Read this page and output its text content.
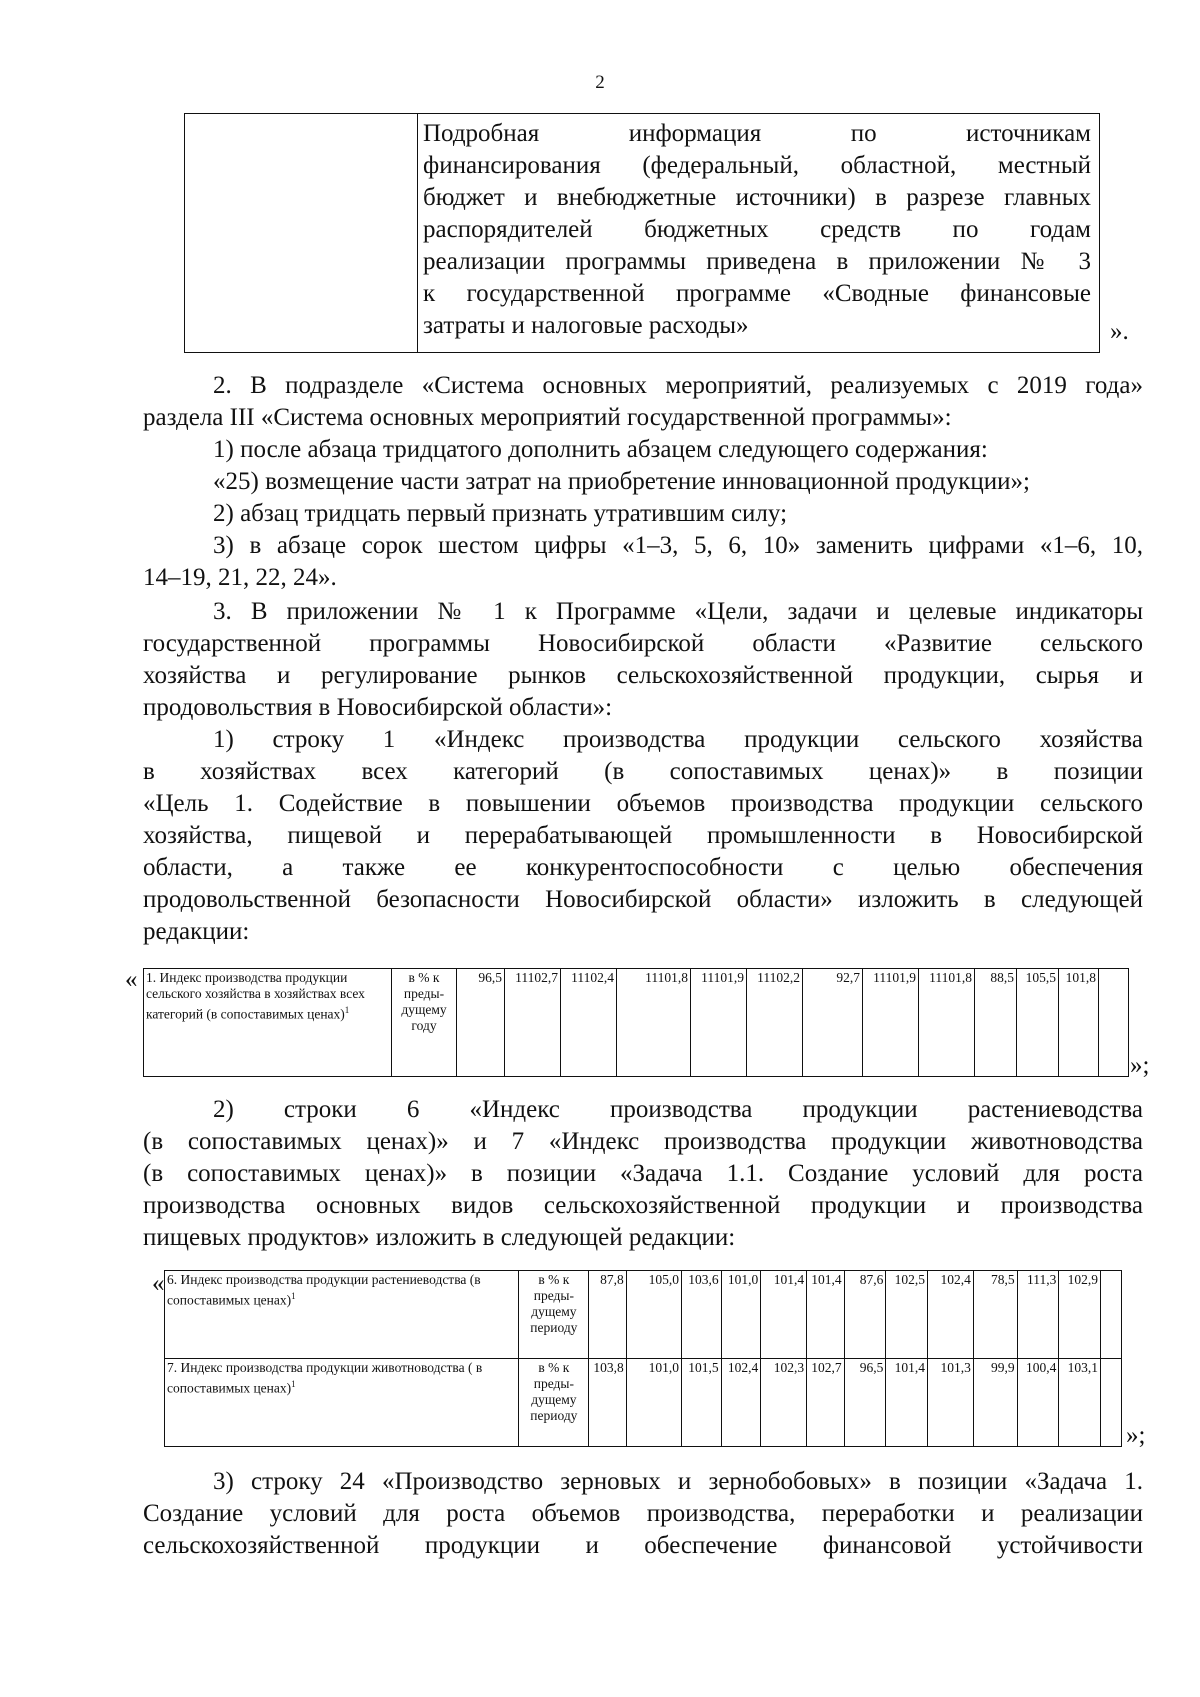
2
Подробная информация по источникам
финансирования (федеральный, областной, местный
бюджет и внебюджетные источники) в разрезе главных
распорядителей бюджетных средств по годам
реализации программы приведена в приложении № 3
к государственной программе «Сводные финансовые
затраты и налоговые расходы»	».
2. В подразделе «Система основных мероприятий, реализуемых с 2019 года»
раздела III «Система основных мероприятий государственной программы»:
1) после абзаца тридцатого дополнить абзацем следующего содержания:
«25) возмещение части затрат на приобретение инновационной продукции»;
2) абзац тридцать первый признать утратившим силу;
3) в абзаце сорок шестом цифры «1–3, 5, 6, 10» заменить цифрами «1–6, 10,
14–19, 21, 22, 24».
3. В приложении № 1 к Программе «Цели, задачи и целевые индикаторы
государственной программы Новосибирской области «Развитие сельского
хозяйства и регулирование рынков сельскохозяйственной продукции, сырья и
продовольствия в Новосибирской области»:
1) строку 1 «Индекс производства продукции сельского хозяйства
в хозяйствах всех категорий (в сопоставимых ценах)» в позиции
«Цель 1. Содействие в повышении объемов производства продукции сельского
хозяйства, пищевой и перерабатывающей промышленности в Новосибирской
области, а также ее конкурентоспособности с целью обеспечения
продовольственной безопасности Новосибирской области» изложить в следующей
редакции:
« 1. Индекс производства продукции сельского хозяйства в хозяйствах всех категорий (в сопоставимых ценах)$^1$	в % к преды-дущему году	96,5	11102,7	11102,4	11101,8	11101,9	11102,2	92,7	11101,9	11101,8	88,5	105,5	101,8	
»;
2) строки 6 «Индекс производства продукции растениеводства
(в сопоставимых ценах)» и 7 «Индекс производства продукции животноводства
(в сопоставимых ценах)» в позиции «Задача 1.1. Создание условий для роста
производства основных видов сельскохозяйственной продукции и производства
пищевых продуктов» изложить в следующей редакции:
« 6. Индекс производства продукции растениеводства (в сопоставимых ценах)$^1$	в % к преды-дущему периоду	87,8	105,0	103,6	101,0	101,4	101,4	87,6	102,5	102,4	78,5	111,3	102,9	
7. Индекс производства продукции животноводства ( в сопоставимых ценах)$^1$	в % к преды-дущему периоду	103,8	101,0	101,5	102,4	102,3	102,7	96,5	101,4	101,3	99,9	100,4	103,1	
»;
3) строку 24 «Производство зерновых и зернобобовых» в позиции «Задача 1.
Создание условий для роста объемов производства, переработки и реализации
сельскохозяйственной продукции и обеспечение финансовой устойчивости
